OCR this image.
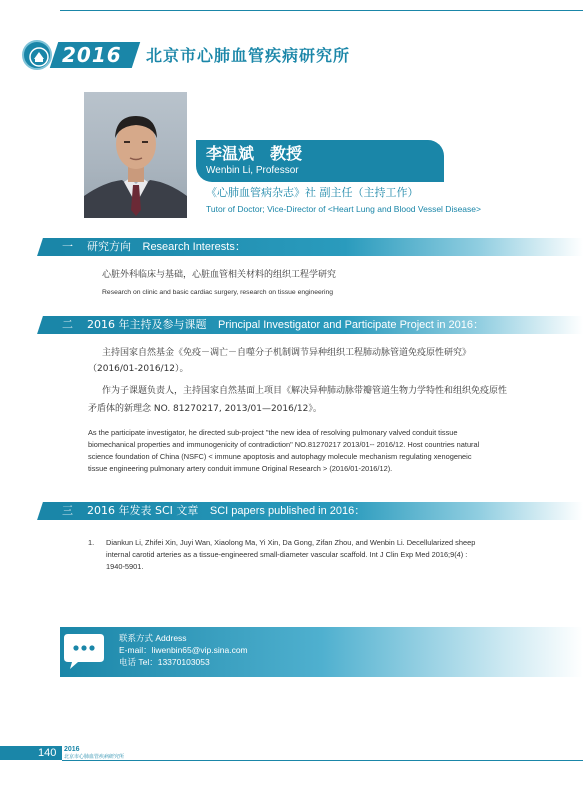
2016	北京市心肺血管疾病研究所
李温斌　教授
Wenbin Li, Professor
《心肺血管病杂志》社 副主任（主持工作）
Tutor of Doctor; Vice-Director of <Heart Lung and Blood Vessel Disease>
一 研究方向 Research Interests：
心脏外科临床与基础，心脏血管相关材料的组织工程学研究
Research on clinic and basic cardiac surgery, research on tissue engineering
二 2016 年主持及参与课题 Principal Investigator and Participate Project in 2016：
主持国家自然基金《免疫－凋亡－自噬分子机制调节异种组织工程肺动脉管道免疫原性研究》
（2016/01-2016/12）。
作为子课题负责人，主持国家自然基面上项目《解决异种肺动脉带瓣管道生物力学特性和组织免疫原性
矛盾体的新理念 NO. 81270217, 2013/01—2016/12》。
As the participate investigator, he directed sub-project "the new idea of resolving pulmonary valved conduit tissue
biomechanical properties and immunogenicity of contradiction" NO.81270217 2013/01-- 2016/12. Host countries natural
science foundation of China (NSFC) < immune apoptosis and autophagy molecule mechanism regulating xenogeneic
tissue engineering pulmonary artery conduit immune Original Research > (2016/01-2016/12).
三 2016 年发表 SCI 文章 SCI papers published in 2016：
1.	Diankun Li, Zhifei Xin, Juyi Wan, Xiaolong Ma, Yi Xin, Da Gong, Zifan Zhou, and Wenbin Li. Decellularized sheep
internal carotid arteries as a tissue-engineered small-diameter vascular scaffold. Int J Clin Exp Med 2016;9(4) :
1940-5901.
联系方式 Address
E-mail：liwenbin65@vip.sina.com
电话 Tel：13370103053
140 2016
北京市心肺血管疾病研究所
